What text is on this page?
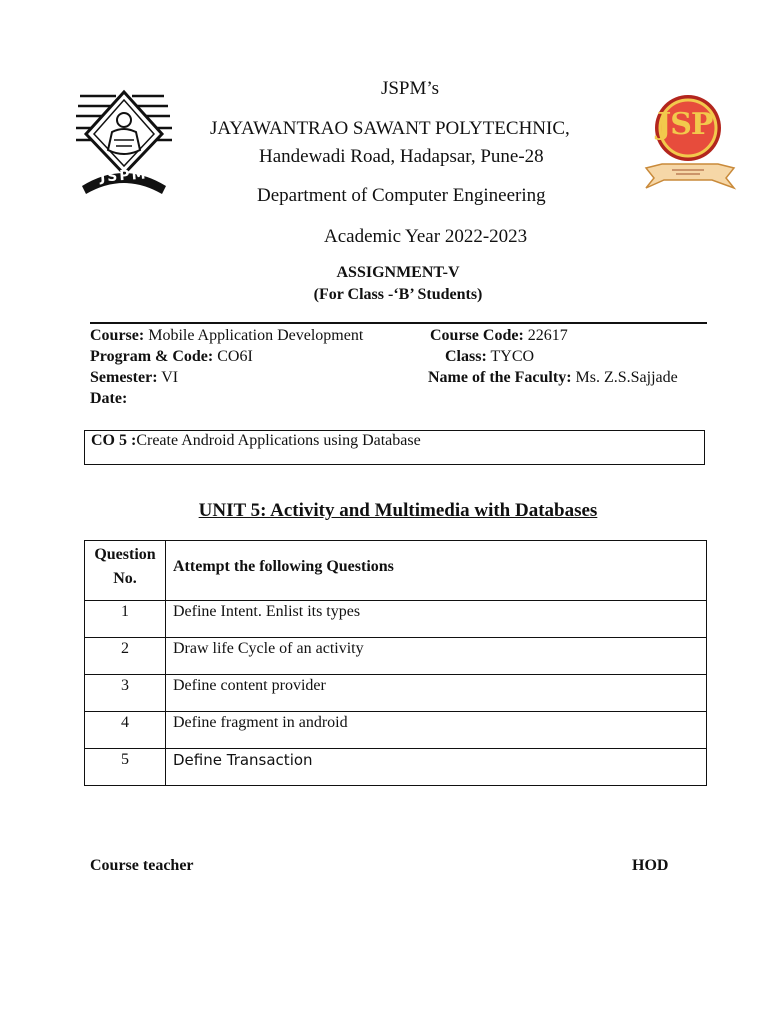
JSPM
JSP
JSPM’s
JAYAWANTRAO SAWANT POLYTECHNIC,
Handewadi Road, Hadapsar, Pune-28
Department of Computer Engineering
Academic Year 2022-2023
ASSIGNMENT-V
(For Class -‘B’ Students)
Course: Mobile Application Development	Course Code: 22617
Program & Code: CO6I	Class: TYCO
Semester: VI	Name of the Faculty: Ms. Z.S.Sajjade
Date:
CO 5 :Create Android Applications using Database
UNIT 5: Activity and Multimedia with Databases
Question
No.	Attempt the following Questions
1	Define Intent. Enlist its types
2	Draw life Cycle of an activity
3	Define content provider
4	Define fragment in android
5	Define Transaction
Course teacher	HOD
